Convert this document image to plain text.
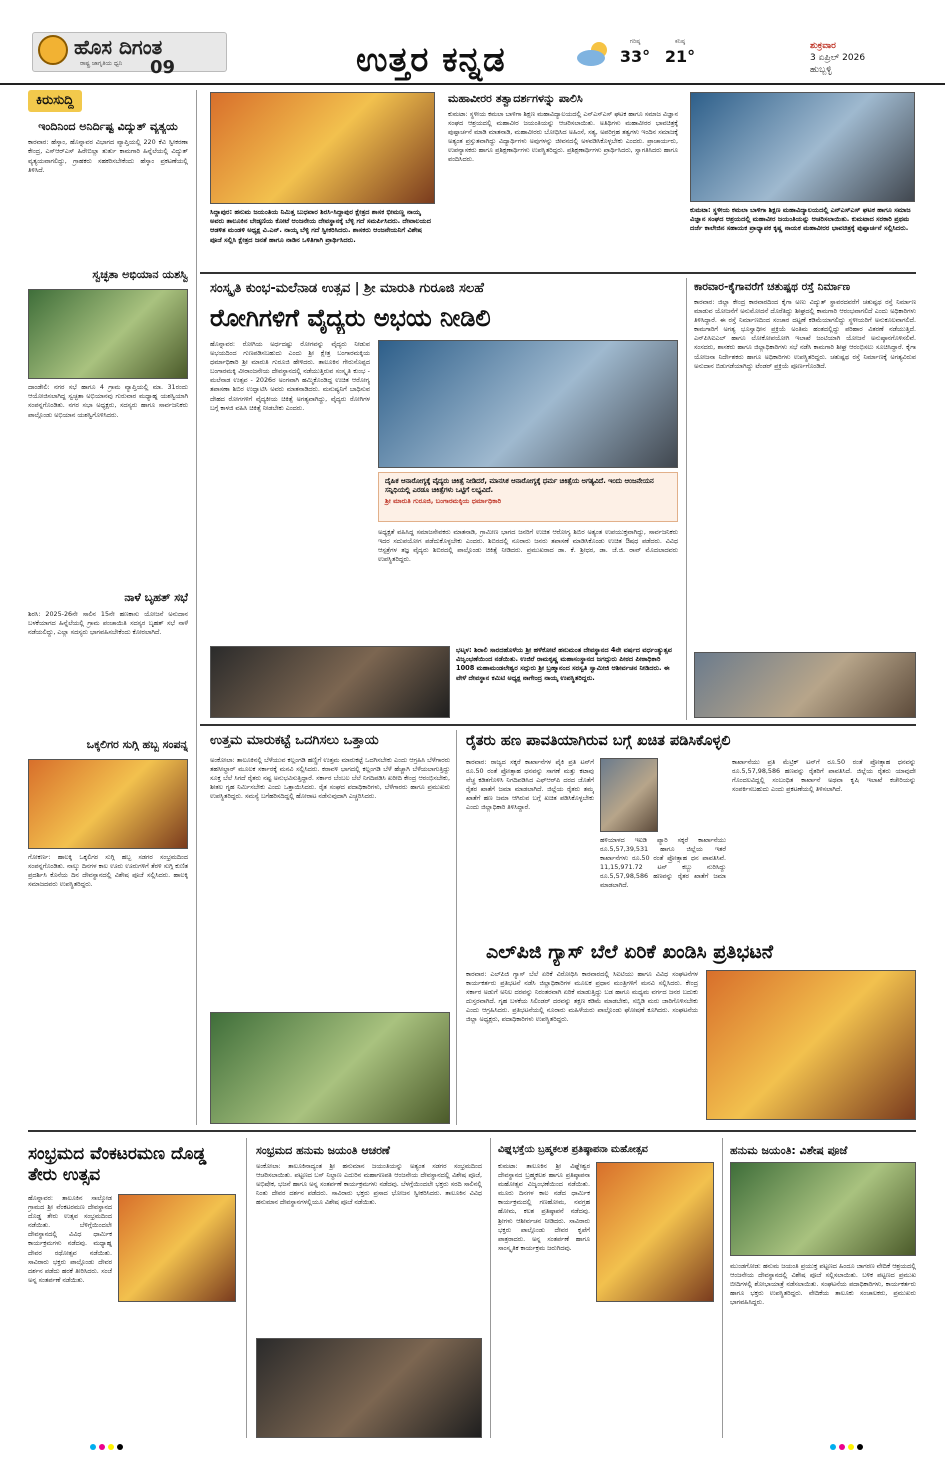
ಹೊಸ ದಿಗಂತ
ರಾಷ್ಟ್ರ ಜಾಗೃತಿಯ ಧ್ವನಿ 09	ಉತ್ತರ ಕನ್ನಡ	ಗರಿಷ್ಠ
33°
ಕನಿಷ್ಠ
21°
ಶುಕ್ರವಾರ
3 ಏಪ್ರಿಲ್ 2026
ಹುಬ್ಬಳ್ಳಿ
ಕಿರುಸುದ್ದಿ
ಇಂದಿನಿಂದ ಅನಿರ್ದಿಷ್ಟ ವಿದ್ಯುತ್ ವ್ಯತ್ಯಯ
ಕಾರವಾರ: ಹೆಸ್ಕಾಂ, ಹೊನ್ನಾವರ ವಿಭಾಗದ ವ್ಯಾಪ್ತಿಯಲ್ಲಿ 220 ಕೆವಿ ಸ್ವೀಕರಣಾ ಕೇಂದ್ರ, ಎಸ್‌ಆರ್‌ಎಸ್ ಹಿರೇಬಿಲ್ಲಾ ತುರ್ತು ಕಾಮಗಾರಿ ಹಿನ್ನೆಲೆಯಲ್ಲಿ ವಿದ್ಯುತ್ ವ್ಯತ್ಯಯವಾಗಲಿದ್ದು, ಗ್ರಾಹಕರು ಸಹಕರಿಸಬೇಕೆಂದು ಹೆಸ್ಕಾಂ ಪ್ರಕಟಣೆಯಲ್ಲಿ ತಿಳಿಸಿದೆ.
ಸ್ವಚ್ಛತಾ ಅಭಿಯಾನ ಯಶಸ್ವಿ
ದಾಂಡೇಲಿ: ನಗರ ಸಭೆ ಹಾಗೂ 4 ಗ್ರಾಮ ವ್ಯಾಪ್ತಿಯಲ್ಲಿ ಮಾ. 31ರಂದು ಆಯೋಜಿಸಲಾಗಿದ್ದ ಸ್ವಚ್ಛತಾ ಅಭಿಯಾನವು ಗುರುವಾರ ಮಧ್ಯಾಹ್ನ ಯಶಸ್ವಿಯಾಗಿ ಸಂಪನ್ನಗೊಂಡಿತು. ನಗರ ಸಭಾ ಅಧ್ಯಕ್ಷರು, ಸದಸ್ಯರು ಹಾಗೂ ಸಾರ್ವಜನಿಕರು ಪಾಲ್ಗೊಂಡು ಅಭಿಯಾನ ಯಶಸ್ವಿಗೊಳಿಸಿದರು.
ನಾಳೆ ಬೃಹತ್ ಸಭೆ
ಶಿರಸಿ: 2025-26ನೇ ಸಾಲಿನ 15ನೇ ಹಣಕಾಸು ಯೋಜನೆ ಅನುದಾನ ಬಳಕೆಯಾಗದ ಹಿನ್ನೆಲೆಯಲ್ಲಿ ಗ್ರಾಮ ಪಂಚಾಯಿತಿ ಸದಸ್ಯರ ಬೃಹತ್ ಸಭೆ ನಾಳೆ ನಡೆಯಲಿದ್ದು, ಎಲ್ಲಾ ಸದಸ್ಯರು ಭಾಗವಹಿಸಬೇಕೆಂದು ಕೋರಲಾಗಿದೆ.
ಒಕ್ಕಲಿಗರ ಸುಗ್ಗಿ ಹಬ್ಬ ಸಂಪನ್ನ
ಗೋಕರ್ಣ: ಹಾಲಕ್ಕಿ ಒಕ್ಕಲಿಗರ ಸುಗ್ಗಿ ಹಬ್ಬ ಸಡಗರ ಸಂಭ್ರಮದಿಂದ ಸಂಪನ್ನಗೊಂಡಿತು. ನಾಲ್ಕು ದಿನಗಳ ಕಾಲ ಊರು ಊರುಗಳಿಗೆ ತೆರಳಿ ಸುಗ್ಗಿ ಕುಣಿತ ಪ್ರದರ್ಶಿಸಿ ಕೊನೆಯ ದಿನ ದೇವಸ್ಥಾನದಲ್ಲಿ ವಿಶೇಷ ಪೂಜೆ ಸಲ್ಲಿಸಿದರು. ಹಾಲಕ್ಕಿ ಸಮಾಜದವರು ಉಪಸ್ಥಿತರಿದ್ದರು.
ಸಿದ್ದಾಪುರ: ಹನುಮ ಜಯಂತಿಯ ನಿಮಿತ್ತ ಬುಧವಾರ ಶಿರಸಿ-ಸಿದ್ದಾಪುರ ಕ್ಷೇತ್ರದ ಶಾಸಕ ಭೀಮಣ್ಣ ನಾಯ್ಕ ಅವರು ತಾಲೂಕಿನ ಬೇಡ್ಕಣಿಯ ಕೋಟೆ ಆಂಜನೇಯ ದೇವಸ್ಥಾನಕ್ಕೆ ಬೆಳ್ಳಿ ಗದೆ ಸಮರ್ಪಿಸಿದರು. ದೇವಾಲಯದ ಆಡಳಿತ ಮಂಡಳಿ ಅಧ್ಯಕ್ಷ ವಿ.ಎನ್. ನಾಯ್ಕ ಬೆಳ್ಳಿ ಗದೆ ಸ್ವೀಕರಿಸಿದರು. ಶಾಸಕರು ಆಂಜನೇಯನಿಗೆ ವಿಶೇಷ ಪೂಜೆ ಸಲ್ಲಿಸಿ ಕ್ಷೇತ್ರದ ಜನತೆ ಹಾಗೂ ನಾಡಿನ ಒಳಿತಿಗಾಗಿ ಪ್ರಾರ್ಥಿಸಿದರು.
ಮಹಾವೀರರ ತತ್ವಾದರ್ಶಗಳನ್ನು ಪಾಲಿಸಿ
ಕುಮಟಾ: ಸ್ಥಳೀಯ ಕಮಲಾ ಬಾಳಿಗಾ ಶಿಕ್ಷಣ ಮಹಾವಿದ್ಯಾಲಯದಲ್ಲಿ ಎನ್‌ಎಸ್‌ಎಸ್ ಘಟಕ ಹಾಗೂ ಸಮಾಜ ವಿಜ್ಞಾನ ಸಂಘದ ಆಶ್ರಯದಲ್ಲಿ ಮಹಾವೀರ ಜಯಂತಿಯನ್ನು ಆಚರಿಸಲಾಯಿತು. ಅತಿಥಿಗಳು ಮಹಾವೀರರ ಭಾವಚಿತ್ರಕ್ಕೆ ಪುಷ್ಪಾರ್ಚನೆ ಮಾಡಿ ಮಾತನಾಡಿ, ಮಹಾವೀರರು ಬೋಧಿಸಿದ ಅಹಿಂಸೆ, ಸತ್ಯ, ಅಪರಿಗ್ರಹ ತತ್ವಗಳು ಇಂದಿನ ಸಮಾಜಕ್ಕೆ ಅತ್ಯಂತ ಪ್ರಸ್ತುತವಾಗಿದ್ದು ವಿದ್ಯಾರ್ಥಿಗಳು ಅವುಗಳನ್ನು ಜೀವನದಲ್ಲಿ ಅಳವಡಿಸಿಕೊಳ್ಳಬೇಕು ಎಂದರು. ಪ್ರಾಚಾರ್ಯರು, ಉಪನ್ಯಾಸಕರು ಹಾಗೂ ಪ್ರಶಿಕ್ಷಣಾರ್ಥಿಗಳು ಉಪಸ್ಥಿತರಿದ್ದರು. ಪ್ರಶಿಕ್ಷಣಾರ್ಥಿಗಳು ಪ್ರಾರ್ಥಿಸಿದರು, ಸ್ವಾಗತಿಸಿದರು ಹಾಗೂ ವಂದಿಸಿದರು.
ಕುಮಟಾ: ಸ್ಥಳೀಯ ಕಮಲಾ ಬಾಳಿಗಾ ಶಿಕ್ಷಣ ಮಹಾವಿದ್ಯಾಲಯದಲ್ಲಿ ಎನ್‌ಎಸ್‌ಎಸ್ ಘಟಕ ಹಾಗೂ ಸಮಾಜ ವಿಜ್ಞಾನ ಸಂಘದ ಆಶ್ರಯದಲ್ಲಿ ಮಹಾವೀರ ಜಯಂತಿಯನ್ನು ಆಚರಿಸಲಾಯಿತು. ಕುಮಟಾದ ಸರಕಾರಿ ಪ್ರಥಮ ದರ್ಜೆ ಕಾಲೇಜಿನ ಸಹಾಯಕ ಪ್ರಾಧ್ಯಾಪಕ ಕೃಷ್ಣ ನಾಯಕ ಮಹಾವೀರರ ಭಾವಚಿತ್ರಕ್ಕೆ ಪುಷ್ಪಾರ್ಚನೆ ಸಲ್ಲಿಸಿದರು.
ಸಂಸ್ಕೃತಿ ಕುಂಭ-ಮಲೆನಾಡ ಉತ್ಸವ | ಶ್ರೀ ಮಾರುತಿ ಗುರೂಜಿ ಸಲಹೆ
ರೋಗಿಗಳಿಗೆ ವೈದ್ಯರು ಅಭಯ ನೀಡಿಲಿ
ಹೊನ್ನಾವರ: ರೋಗಿಯ ಅರ್ಧದಷ್ಟು ರೋಗವನ್ನು ವೈದ್ಯರು ನೀಡುವ ಅಭಯದಿಂದ ಗುಣಪಡಿಸಬಹುದು ಎಂದು ಶ್ರೀ ಕ್ಷೇತ್ರ ಬಂಗಾರಮಕ್ಕಿಯ ಧರ್ಮಾಧಿಕಾರಿ ಶ್ರೀ ಮಾರುತಿ ಗುರೂಜಿ ಹೇಳಿದರು. ತಾಲೂಕಿನ ಗೇರುಸೊಪ್ಪದ ಬಂಗಾರಮಕ್ಕಿ ವೀರಾಂಜನೇಯ ದೇವಸ್ಥಾನದಲ್ಲಿ ನಡೆಯುತ್ತಿರುವ ಸಂಸ್ಕೃತಿ ಕುಂಭ - ಮಲೆನಾಡ ಉತ್ಸವ - 2026ರ ಅಂಗವಾಗಿ ಹಮ್ಮಿಕೊಂಡಿದ್ದ ಉಚಿತ ಆರೋಗ್ಯ ತಪಾಸಣಾ ಶಿಬಿರ ಉದ್ಘಾಟಿಸಿ ಅವರು ಮಾತನಾಡಿದರು. ಮನುಷ್ಯನಿಗೆ ಬಾಧಿಸುವ ದೇಹದ ರೋಗಗಳಿಗೆ ವೈದ್ಯಕೀಯ ಚಿಕಿತ್ಸೆ ಅಗತ್ಯವಾಗಿದ್ದು, ವೈದ್ಯರು ರೋಗಿಗಳ ಬಗ್ಗೆ ಕಾಳಜಿ ವಹಿಸಿ ಚಿಕಿತ್ಸೆ ನೀಡಬೇಕು ಎಂದರು.
ದೈಹಿಕ ಆನಾರೋಗ್ಯಕ್ಕೆ ವೈದ್ಯರು ಚಿಕಿತ್ಸೆ ನೀಡಿದರೆ, ಮಾನಸಿಕ ಆನಾರೋಗ್ಯಕ್ಕೆ ಧರ್ಮ ಚಿಕಿತ್ಸೆಯ ಅಗತ್ಯವಿದೆ. ಇಂದು ಆಂಜನೇಯನ ಸನ್ನಿಧಿಯಲ್ಲಿ ಎರಡೂ ಚಿಕಿತ್ಸೆಗಳು ಒಟ್ಟಿಗೆ ಲಭ್ಯವಿದೆ.
ಶ್ರೀ ಮಾರುತಿ ಗುರೂಜಿ, ಬಂಗಾರಮಕ್ಕಿಯ ಧರ್ಮಾಧಿಕಾರಿ
ಅಧ್ಯಕ್ಷತೆ ವಹಿಸಿದ್ದ ಸಮಾಜಸೇವಕರು ಮಾತನಾಡಿ, ಗ್ರಾಮೀಣ ಭಾಗದ ಜನರಿಗೆ ಉಚಿತ ಆರೋಗ್ಯ ಶಿಬಿರ ಅತ್ಯಂತ ಉಪಯುಕ್ತವಾಗಿದ್ದು, ಸಾರ್ವಜನಿಕರು ಇದರ ಸದುಪಯೋಗ ಪಡೆದುಕೊಳ್ಳಬೇಕು ಎಂದರು. ಶಿಬಿರದಲ್ಲಿ ನೂರಾರು ಜನರು ತಪಾಸಣೆ ಮಾಡಿಸಿಕೊಂಡು ಉಚಿತ ಔಷಧ ಪಡೆದರು. ವಿವಿಧ ಆಸ್ಪತ್ರೆಗಳ ತಜ್ಞ ವೈದ್ಯರು ಶಿಬಿರದಲ್ಲಿ ಪಾಲ್ಗೊಂಡು ಚಿಕಿತ್ಸೆ ನೀಡಿದರು. ಪ್ರಮುಖರಾದ ಡಾ. ಕೆ. ಶ್ರೀಧರ, ಡಾ. ಜೆ.ಜಿ. ರಾವ್ ಮೊದಲಾದವರು ಉಪಸ್ಥಿತರಿದ್ದರು.
ಭಟ್ಕಳ: ಶಿರಾಲಿ ಸಾರದಹೊಳೆಯ ಶ್ರೀ ಹಳೆಕೋಟೆ ಹನುಮಂತ ದೇವಸ್ಥಾನದ 4ನೇ ವರ್ಷದ ವರ್ಧಂತ್ಯುತ್ಸವ ವಿಜೃಂಭಣೆಯಿಂದ ನಡೆಯಿತು. ಉಜಿರೆ ರಾಮಕೃಷ್ಣ ಮಹಾಸಂಸ್ಥಾನದ ಜಗದ್ಗುರು ಪೀಠದ ಪೀಠಾಧಿಕಾರಿ 1008 ಮಹಾಮಂಡಲೇಶ್ವರ ಸದ್ಗುರು ಶ್ರೀ ಬ್ರಹ್ಮಾನಂದ ಸರಸ್ವತಿ ಸ್ವಾಮೀಜಿ ಆಶೀರ್ವಚನ ನೀಡಿದರು. ಈ ವೇಳೆ ದೇವಸ್ಥಾನ ಕಮಿಟಿ ಅಧ್ಯಕ್ಷ ನಾಗೇಂದ್ರ ನಾಯ್ಕ ಉಪಸ್ಥಿತರಿದ್ದರು.
ಕಾರವಾರ-ಕೈಗಾವರೆಗೆ ಚತುಷ್ಪಥ ರಸ್ತೆ ನಿರ್ಮಾಣ
ಕಾರವಾರ: ಜಿಲ್ಲಾ ಕೇಂದ್ರ ಕಾರವಾರದಿಂದ ಕೈಗಾ ಅಣು ವಿದ್ಯುತ್ ಸ್ಥಾವರದವರೆಗೆ ಚತುಷ್ಪಥ ರಸ್ತೆ ನಿರ್ಮಾಣ ಮಾಡುವ ಯೋಜನೆಗೆ ಅನುಮೋದನೆ ದೊರೆತಿದ್ದು ಶೀಘ್ರದಲ್ಲಿ ಕಾಮಗಾರಿ ಆರಂಭವಾಗಲಿದೆ ಎಂದು ಅಧಿಕಾರಿಗಳು ತಿಳಿಸಿದ್ದಾರೆ. ಈ ರಸ್ತೆ ನಿರ್ಮಾಣದಿಂದ ಸಂಚಾರ ದಟ್ಟಣೆ ಕಡಿಮೆಯಾಗಲಿದ್ದು ಸ್ಥಳೀಯರಿಗೆ ಅನುಕೂಲವಾಗಲಿದೆ. ಕಾಮಗಾರಿಗೆ ಅಗತ್ಯ ಭೂಸ್ವಾಧೀನ ಪ್ರಕ್ರಿಯೆ ಅಂತಿಮ ಹಂತದಲ್ಲಿದ್ದು ಪರಿಹಾರ ವಿತರಣೆ ನಡೆಯುತ್ತಿದೆ. ಎನ್‌ಪಿಸಿಐಎಲ್ ಹಾಗೂ ಲೋಕೋಪಯೋಗಿ ಇಲಾಖೆ ಜಂಟಿಯಾಗಿ ಯೋಜನೆ ಅನುಷ್ಠಾನಗೊಳಿಸಲಿವೆ. ಸಂಸದರು, ಶಾಸಕರು ಹಾಗೂ ಜಿಲ್ಲಾಧಿಕಾರಿಗಳು ಸಭೆ ನಡೆಸಿ ಕಾಮಗಾರಿ ಶೀಘ್ರ ಆರಂಭಿಸಲು ಸೂಚಿಸಿದ್ದಾರೆ. ಕೈಗಾ ಯೋಜನಾ ನಿರ್ದೇಶಕರು ಹಾಗೂ ಅಧಿಕಾರಿಗಳು ಉಪಸ್ಥಿತರಿದ್ದರು. ಚತುಷ್ಪಥ ರಸ್ತೆ ನಿರ್ಮಾಣಕ್ಕೆ ಅಗತ್ಯವಿರುವ ಅನುದಾನ ಬಿಡುಗಡೆಯಾಗಿದ್ದು ಟೆಂಡರ್ ಪ್ರಕ್ರಿಯೆ ಪೂರ್ಣಗೊಂಡಿದೆ.
ಉತ್ತಮ ಮಾರುಕಟ್ಟೆ ಒದಗಿಸಲು ಒತ್ತಾಯ
ಅಂಕೋಲಾ: ತಾಲೂಕಿನಲ್ಲಿ ಬೆಳೆಯುವ ಕಲ್ಲಂಗಡಿ ಹಣ್ಣಿಗೆ ಉತ್ತಮ ಮಾರುಕಟ್ಟೆ ಒದಗಿಸಬೇಕು ಎಂದು ಆಗ್ರಹಿಸಿ ಬೆಳೆಗಾರರು ತಹಸೀಲ್ದಾರ್ ಮೂಲಕ ಸರ್ಕಾರಕ್ಕೆ ಮನವಿ ಸಲ್ಲಿಸಿದರು. ಕರಾವಳಿ ಭಾಗದಲ್ಲಿ ಕಲ್ಲಂಗಡಿ ಬೆಳೆ ಹೆಚ್ಚಾಗಿ ಬೆಳೆಯಲಾಗುತ್ತಿದ್ದು ಸೂಕ್ತ ಬೆಲೆ ಸಿಗದೆ ರೈತರು ನಷ್ಟ ಅನುಭವಿಸುತ್ತಿದ್ದಾರೆ. ಸರ್ಕಾರ ಬೆಂಬಲ ಬೆಲೆ ನಿಗದಿಪಡಿಸಿ ಖರೀದಿ ಕೇಂದ್ರ ಆರಂಭಿಸಬೇಕು, ಶೀತಲ ಗೃಹ ನಿರ್ಮಿಸಬೇಕು ಎಂದು ಒತ್ತಾಯಿಸಿದರು. ರೈತ ಸಂಘದ ಪದಾಧಿಕಾರಿಗಳು, ಬೆಳೆಗಾರರು ಹಾಗೂ ಪ್ರಮುಖರು ಉಪಸ್ಥಿತರಿದ್ದರು. ಸಮಸ್ಯೆ ಬಗೆಹರಿಸದಿದ್ದಲ್ಲಿ ಹೋರಾಟ ನಡೆಸುವುದಾಗಿ ಎಚ್ಚರಿಸಿದರು.
ರೈತರು ಹಣ ಪಾವತಿಯಾಗಿರುವ ಬಗ್ಗೆ ಖಚಿತ ಪಡಿಸಿಕೊಳ್ಳಲಿ
ಕಾರವಾರ: ರಾಜ್ಯದ ಸಕ್ಕರೆ ಕಾರ್ಖಾನೆಗಳ ಪೈಕಿ ಪ್ರತಿ ಟನ್‌ಗೆ ರೂ.50 ರಂತೆ ಪ್ರೋತ್ಸಾಹ ಧನವನ್ನು ಸಾಗಣೆ ಮತ್ತು ಕಟಾವು ವೆಚ್ಚ ಕಡಿತಗೊಳಿಸಿ ನಿಗದಿಪಡಿಸಿದ ಎಫ್‌ಆರ್‌ಪಿ ದರದ ಜೊತೆಗೆ ರೈತರ ಖಾತೆಗೆ ಜಮಾ ಮಾಡಲಾಗಿದೆ. ಜಿಲ್ಲೆಯ ರೈತರು ತಮ್ಮ ಖಾತೆಗೆ ಹಣ ಜಮಾ ಆಗಿರುವ ಬಗ್ಗೆ ಖಚಿತ ಪಡಿಸಿಕೊಳ್ಳಬೇಕು ಎಂದು ಜಿಲ್ಲಾಧಿಕಾರಿ ತಿಳಿಸಿದ್ದಾರೆ.
ಹಳಿಯಾಳದ ಇಐಡಿ ಪ್ಯಾರಿ ಸಕ್ಕರೆ ಕಾರ್ಖಾನೆಯು ರೂ.5,57,39,531 ಹಾಗೂ ಜಿಲ್ಲೆಯ ಇತರೆ ಕಾರ್ಖಾನೆಗಳು ರೂ.50 ರಂತೆ ಪ್ರೋತ್ಸಾಹ ಧನ ಪಾವತಿಸಿವೆ. 11,15,971.72 ಟನ್ ಕಬ್ಬು ನುರಿಸಿದ್ದು ರೂ.5,57,98,586 ಹಣವನ್ನು ರೈತರ ಖಾತೆಗೆ ಜಮಾ ಮಾಡಲಾಗಿದೆ.
ಕಾರ್ಖಾನೆಯು ಪ್ರತಿ ಮೆಟ್ರಿಕ್ ಟನ್‌ಗೆ ರೂ.50 ರಂತೆ ಪ್ರೋತ್ಸಾಹ ಧನವನ್ನು ರೂ.5,57,98,586 ಹಣವನ್ನು ರೈತರಿಗೆ ಪಾವತಿಸಿದೆ. ಜಿಲ್ಲೆಯ ರೈತರು ಯಾವುದೇ ಗೊಂದಲವಿದ್ದಲ್ಲಿ ಸಂಬಂಧಿತ ಕಾರ್ಖಾನೆ ಅಥವಾ ಕೃಷಿ ಇಲಾಖೆ ಕಚೇರಿಯನ್ನು ಸಂಪರ್ಕಿಸಬಹುದು ಎಂದು ಪ್ರಕಟಣೆಯಲ್ಲಿ ತಿಳಿಸಲಾಗಿದೆ.
ಎಲ್‌ಪಿಜಿ ಗ್ಯಾಸ್ ಬೆಲೆ ಏರಿಕೆ ಖಂಡಿಸಿ ಪ್ರತಿಭಟನೆ
ಕಾರವಾರ: ಎಲ್‌ಪಿಜಿ ಗ್ಯಾಸ್ ಬೆಲೆ ಏರಿಕೆ ವಿರೋಧಿಸಿ ಕಾರವಾರದಲ್ಲಿ ಸಿಐಟಿಯು ಹಾಗೂ ವಿವಿಧ ಸಂಘಟನೆಗಳ ಕಾರ್ಯಕರ್ತರು ಪ್ರತಿಭಟನೆ ನಡೆಸಿ ಜಿಲ್ಲಾಧಿಕಾರಿಗಳ ಮೂಲಕ ಪ್ರಧಾನ ಮಂತ್ರಿಗಳಿಗೆ ಮನವಿ ಸಲ್ಲಿಸಿದರು. ಕೇಂದ್ರ ಸರ್ಕಾರ ಅಡುಗೆ ಅನಿಲ ದರವನ್ನು ನಿರಂತರವಾಗಿ ಏರಿಕೆ ಮಾಡುತ್ತಿದ್ದು ಬಡ ಹಾಗೂ ಮಧ್ಯಮ ವರ್ಗದ ಜನರ ಬದುಕು ದುಸ್ತರವಾಗಿದೆ. ಗೃಹ ಬಳಕೆಯ ಸಿಲಿಂಡರ್ ದರವನ್ನು ತಕ್ಷಣ ಕಡಿಮೆ ಮಾಡಬೇಕು, ಸಬ್ಸಿಡಿ ಮರು ಜಾರಿಗೊಳಿಸಬೇಕು ಎಂದು ಆಗ್ರಹಿಸಿದರು. ಪ್ರತಿಭಟನೆಯಲ್ಲಿ ನೂರಾರು ಮಹಿಳೆಯರು ಪಾಲ್ಗೊಂಡು ಘೋಷಣೆ ಕೂಗಿದರು. ಸಂಘಟನೆಯ ಜಿಲ್ಲಾ ಅಧ್ಯಕ್ಷರು, ಪದಾಧಿಕಾರಿಗಳು ಉಪಸ್ಥಿತರಿದ್ದರು.
ಸಂಭ್ರಮದ ವೆಂಕಟರಮಣ ದೊಡ್ಡ ತೇರು ಉತ್ಸವ
ಹೊನ್ನಾವರ: ತಾಲೂಕಿನ ಸಾಲ್ಕೋಡ ಗ್ರಾಮದ ಶ್ರೀ ವೆಂಕಟರಮಣ ದೇವಸ್ಥಾನದ ದೊಡ್ಡ ತೇರು ಉತ್ಸವ ಸಂಭ್ರಮದಿಂದ ನಡೆಯಿತು. ಬೆಳಿಗ್ಗೆಯಿಂದಲೇ ದೇವಸ್ಥಾನದಲ್ಲಿ ವಿವಿಧ ಧಾರ್ಮಿಕ ಕಾರ್ಯಕ್ರಮಗಳು ನಡೆದವು. ಮಧ್ಯಾಹ್ನ ದೇವರ ರಥೋತ್ಸವ ನಡೆಯಿತು. ಸಾವಿರಾರು ಭಕ್ತರು ಪಾಲ್ಗೊಂಡು ದೇವರ ದರ್ಶನ ಪಡೆದು ಹರಕೆ ತೀರಿಸಿದರು. ಸಂಜೆ ಅನ್ನ ಸಂತರ್ಪಣೆ ನಡೆಯಿತು.
ಸಂಭ್ರಮದ ಹನುಮ ಜಯಂತಿ ಆಚರಣೆ
ಅಂಕೋಲಾ: ತಾಲೂಕಿನಾದ್ಯಂತ ಶ್ರೀ ಹನುಮಾನ ಜಯಂತಿಯನ್ನು ಅತ್ಯಂತ ಸಡಗರ ಸಂಭ್ರಮದಿಂದ ಆಚರಿಸಲಾಯಿತು. ಪಟ್ಟಣದ ಬಸ್ ನಿಲ್ದಾಣ ಎದುರಿನ ಮಹಾಗಣಪತಿ ಆಂಜನೇಯ ದೇವಸ್ಥಾನದಲ್ಲಿ ವಿಶೇಷ ಪೂಜೆ, ಅಭಿಷೇಕ, ಭಜನೆ ಹಾಗೂ ಅನ್ನ ಸಂತರ್ಪಣೆ ಕಾರ್ಯಕ್ರಮಗಳು ನಡೆದವು. ಬೆಳಗ್ಗೆಯಿಂದಲೇ ಭಕ್ತರು ಸರದಿ ಸಾಲಿನಲ್ಲಿ ನಿಂತು ದೇವರ ದರ್ಶನ ಪಡೆದರು. ಸಾವಿರಾರು ಭಕ್ತರು ಪ್ರಸಾದ ಭೋಜನ ಸ್ವೀಕರಿಸಿದರು. ತಾಲೂಕಿನ ವಿವಿಧ ಹನುಮಾನ ದೇವಸ್ಥಾನಗಳಲ್ಲಿಯೂ ವಿಶೇಷ ಪೂಜೆ ನಡೆಯಿತು.
ವಿಘ್ನಭಕ್ತೆಯ ಬ್ರಹ್ಮಕಲಶ ಪ್ರತಿಷ್ಠಾಪನಾ ಮಹೋತ್ಸವ
ಕುಮಟಾ: ತಾಲೂಕಿನ ಶ್ರೀ ವಿಘ್ನೇಶ್ವರ ದೇವಸ್ಥಾನದ ಬ್ರಹ್ಮಕಲಶ ಹಾಗೂ ಪ್ರತಿಷ್ಠಾಪನಾ ಮಹೋತ್ಸವ ವಿಜೃಂಭಣೆಯಿಂದ ನಡೆಯಿತು. ಮೂರು ದಿನಗಳ ಕಾಲ ನಡೆದ ಧಾರ್ಮಿಕ ಕಾರ್ಯಕ್ರಮದಲ್ಲಿ ಗಣಹೋಮ, ನವಗ್ರಹ ಹೋಮ, ಕಲಶ ಪ್ರತಿಷ್ಠಾಪನೆ ನಡೆದವು. ಶ್ರೀಗಳು ಆಶೀರ್ವಚನ ನೀಡಿದರು. ಸಾವಿರಾರು ಭಕ್ತರು ಪಾಲ್ಗೊಂಡು ದೇವರ ಕೃಪೆಗೆ ಪಾತ್ರರಾದರು. ಅನ್ನ ಸಂತರ್ಪಣೆ ಹಾಗೂ ಸಾಂಸ್ಕೃತಿಕ ಕಾರ್ಯಕ್ರಮ ಜರುಗಿದವು.
ಹನುಮ ಜಯಂತಿ: ವಿಶೇಷ ಪೂಜೆ
ಮುಂಡಗೋಡ: ಹನುಮ ಜಯಂತಿ ಪ್ರಯುಕ್ತ ಪಟ್ಟಣದ ಹಿಂದೂ ಜಾಗರಣ ವೇದಿಕೆ ಆಶ್ರಯದಲ್ಲಿ ಆಂಜನೇಯ ದೇವಸ್ಥಾನದಲ್ಲಿ ವಿಶೇಷ ಪೂಜೆ ಸಲ್ಲಿಸಲಾಯಿತು. ಬಳಿಕ ಪಟ್ಟಣದ ಪ್ರಮುಖ ಬೀದಿಗಳಲ್ಲಿ ಶೋಭಾಯಾತ್ರೆ ನಡೆಸಲಾಯಿತು. ಸಂಘಟನೆಯ ಪದಾಧಿಕಾರಿಗಳು, ಕಾರ್ಯಕರ್ತರು ಹಾಗೂ ಭಕ್ತರು ಉಪಸ್ಥಿತರಿದ್ದರು. ವೇದಿಕೆಯ ತಾಲೂಕು ಸಂಚಾಲಕರು, ಪ್ರಮುಖರು ಭಾಗವಹಿಸಿದ್ದರು.
